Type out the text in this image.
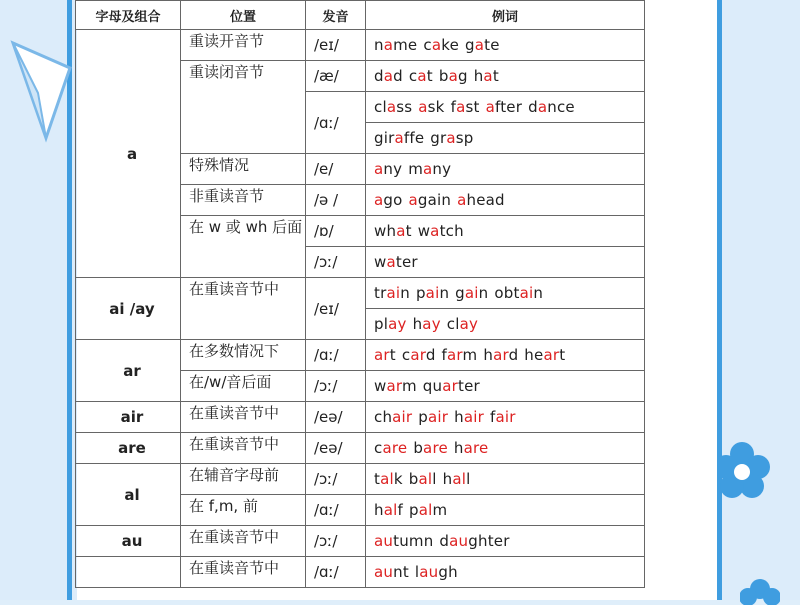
字母及组合	位置	发音	例词
a	重读开音节	/eɪ/	name cake gate
	重读闭音节	/æ/	dad cat bag hat
		/ɑː/	class ask fast after dance
			giraffe grasp
	特殊情况	/e/	any many
	非重读音节	/ə /	ago again ahead
	在 w 或 wh 后面	/ɒ/	what watch
		/ɔː/	water
ai /ay	在重读音节中	/eɪ/	train pain gain obtain
			play hay clay
ar	在多数情况下	/ɑː/	art card farm hard heart
	在/w/音后面	/ɔː/	warm quarter
air	在重读音节中	/eə/	chair pair hair fair
are	在重读音节中	/eə/	care bare hare
al	在辅音字母前	/ɔː/	talk ball hall
	在 f,m, 前	/ɑː/	half palm
au	在重读音节中	/ɔː/	autumn daughter
	在重读音节中	/ɑː/	aunt laugh
